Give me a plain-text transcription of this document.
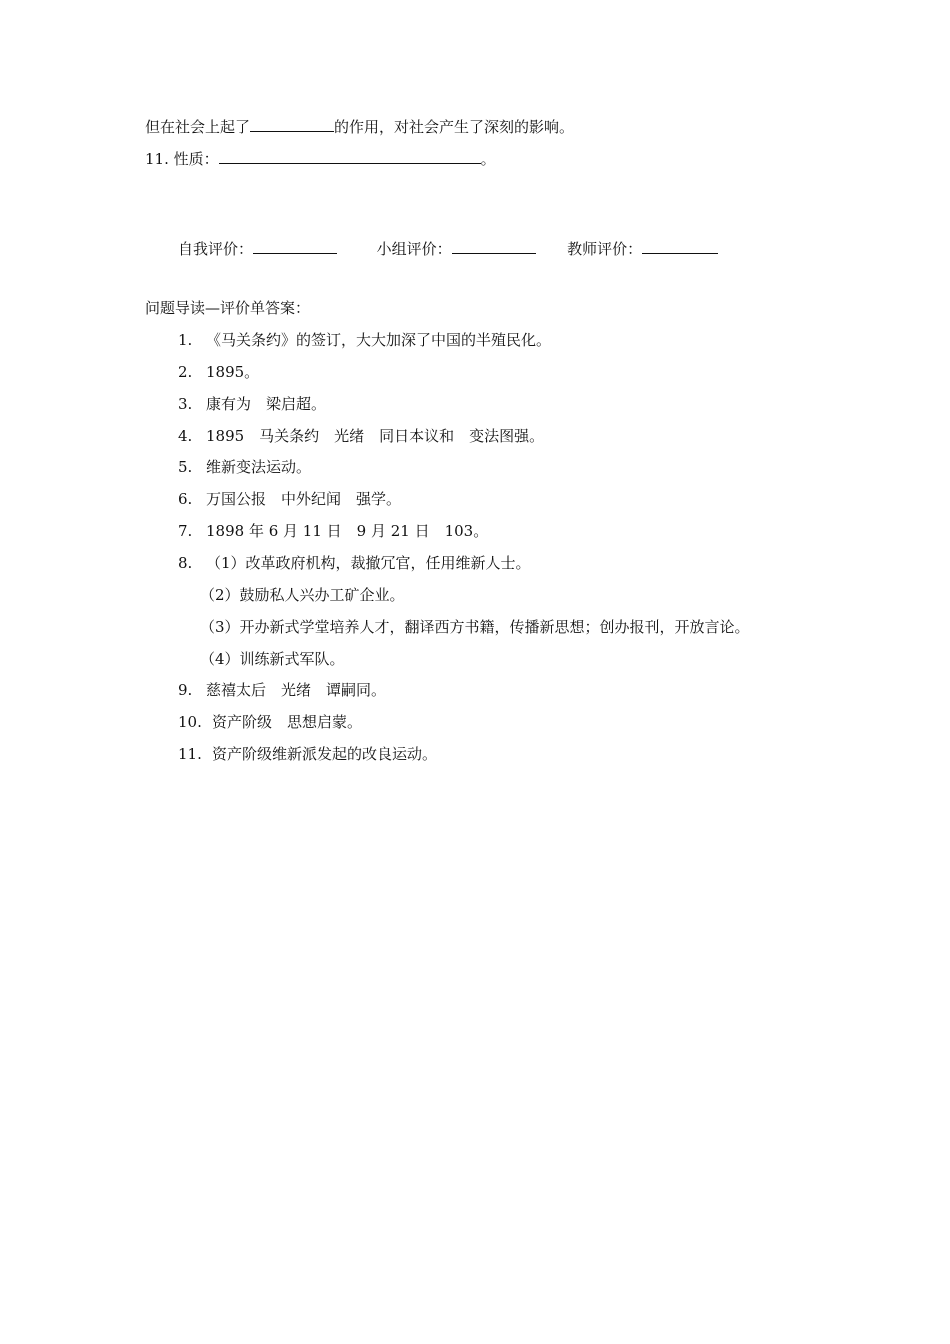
但在社会上起了	的作用，对社会产生了深刻的影响。
11. 性质：	。
自我评价：	小组评价：	教师评价：
问题导读—评价单答案：
1. 《马关条约》的签订，大大加深了中国的半殖民化。
2. 1895。
3. 康有为　梁启超。
4. 1895　马关条约　光绪　同日本议和　变法图强。
5. 维新变法运动。
6. 万国公报　中外纪闻　强学。
7. 1898 年 6 月 11 日　9 月 21 日　103。
8. （1）改革政府机构，裁撤冗官，任用维新人士。
（2）鼓励私人兴办工矿企业。
（3）开办新式学堂培养人才，翻译西方书籍，传播新思想；创办报刊，开放言论。
（4）训练新式军队。
9. 慈禧太后　光绪　谭嗣同。
10. 资产阶级　思想启蒙。
11. 资产阶级维新派发起的改良运动。
